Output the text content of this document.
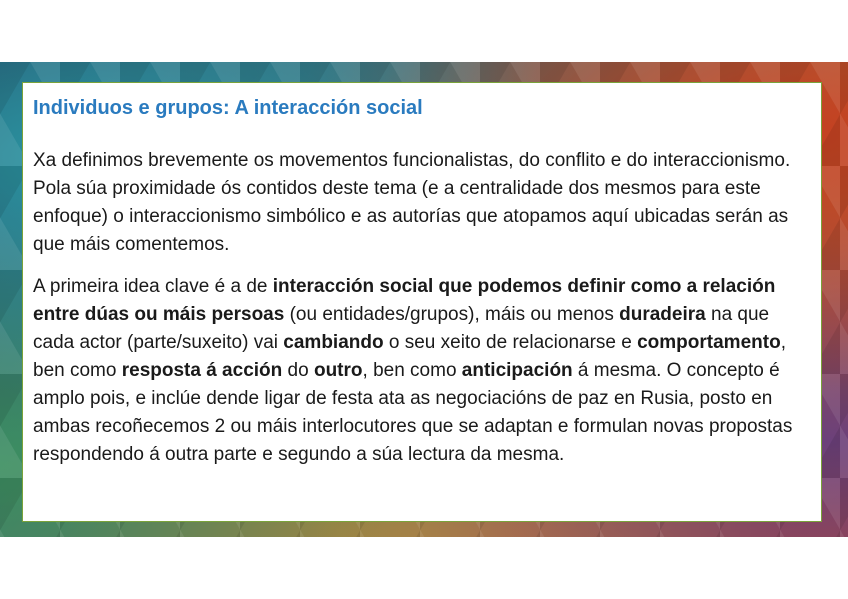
Individuos e grupos: A interacción social

Xa definimos brevemente os movementos funcionalistas, do conflito e do interaccionismo. Pola súa proximidade ós contidos deste tema (e a centralidade dos mesmos para este enfoque) o interaccionismo simbólico e as autorías que atopamos aquí ubicadas serán as que máis comentemos.

A primeira idea clave é a de interacción social que podemos definir como a relación entre dúas ou máis persoas (ou entidades/grupos), máis ou menos duradeira na que cada actor (parte/suxeito) vai cambiando o seu xeito de relacionarse e comportamento, ben como resposta á acción do outro, ben como anticipación á mesma. O concepto é amplo pois, e inclúe dende ligar de festa ata as negociacións de paz en Rusia, posto en ambas recoñecemos 2 ou máis interlocutores que se adaptan e formulan novas propostas respondendo á outra parte e segundo a súa lectura da mesma.
